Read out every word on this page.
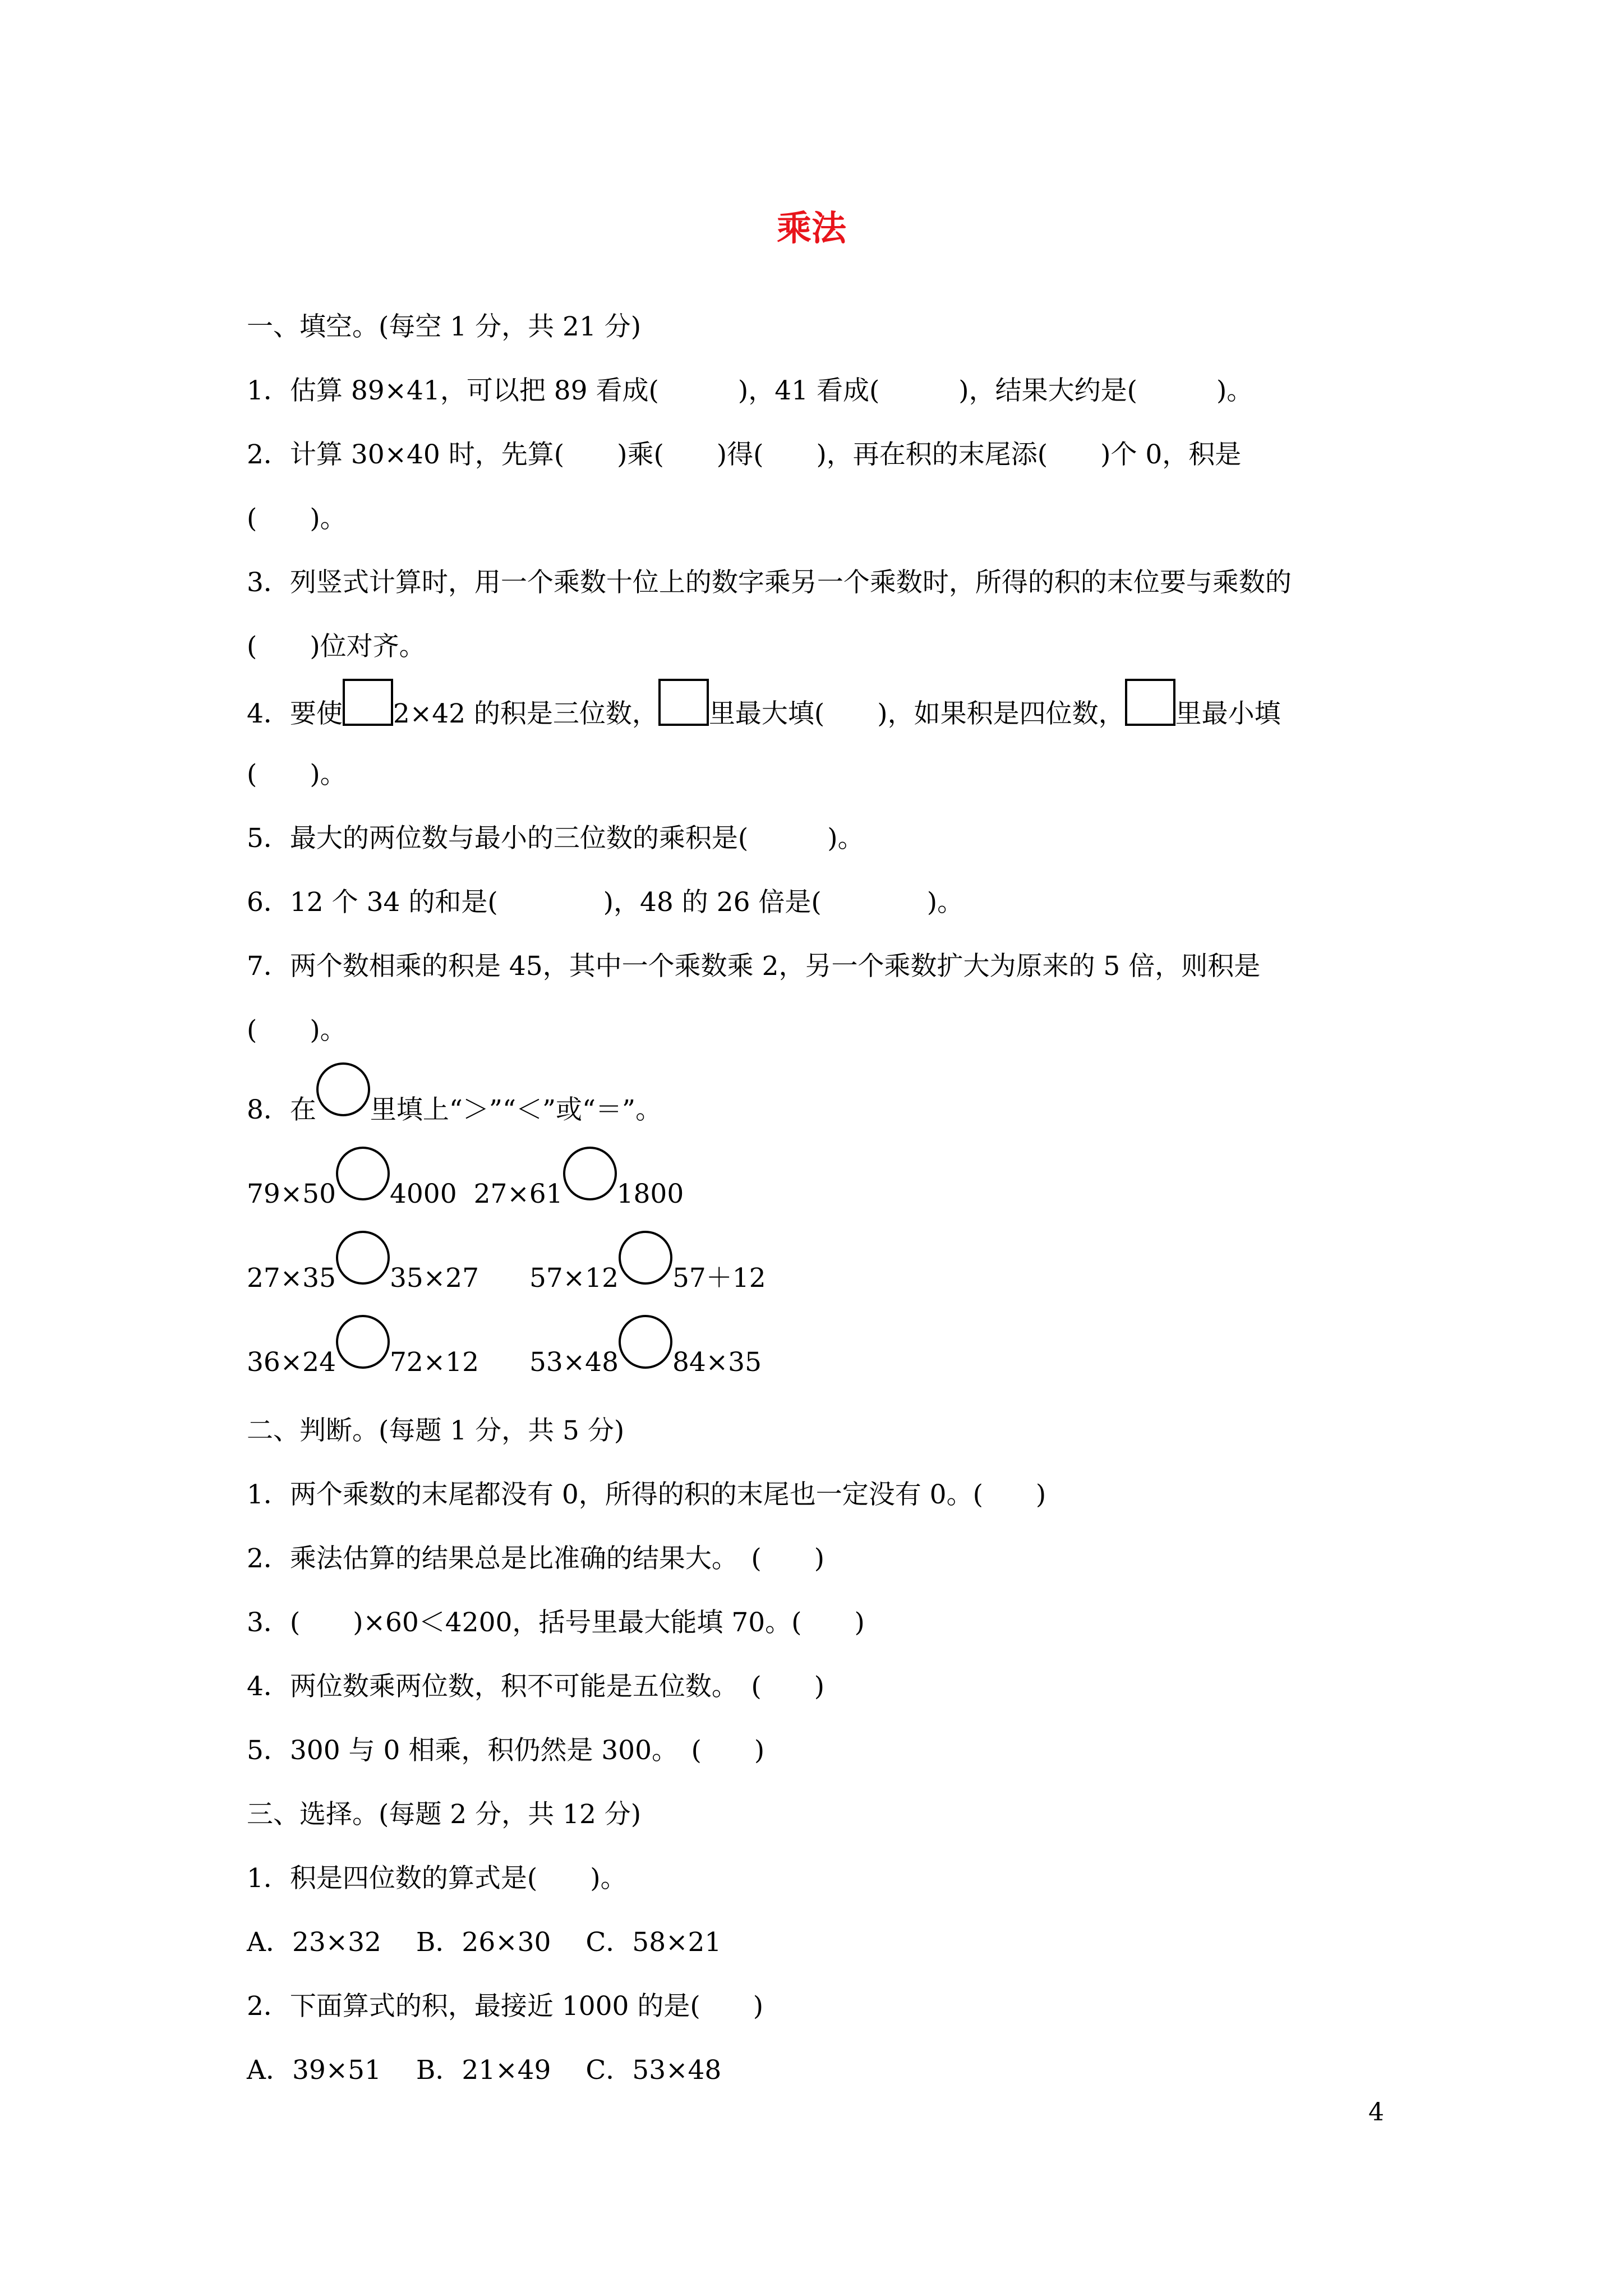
乘法
一、填空。(每空 1 分，共 21 分)
1．估算 89×41，可以把 89 看成(　　　)，41 看成(　　　)，结果大约是(　　　)。
2．计算 30×40 时，先算(　　)乘(　　)得(　　)，再在积的末尾添(　　)个 0，积是
(　　)。
3．列竖式计算时，用一个乘数十位上的数字乘另一个乘数时，所得的积的末位要与乘数的
(　　)位对齐。
4．要使 2×42 的积是三位数， 里最大填(　　)，如果积是四位数， 里最小填
(　　)。
5．最大的两位数与最小的三位数的乘积是(　　　)。
6．12 个 34 的和是(　　　　)，48 的 26 倍是(　　　　)。
7．两个数相乘的积是 45，其中一个乘数乘 2，另一个乘数扩大为原来的 5 倍，则积是
(　　)。
8．在 里填上“＞”“＜”或“＝”。
79×50 4000 27×61 1800
27×35 35×27 57×12 57＋12
36×24 72×12 53×48 84×35
二、判断。(每题 1 分，共 5 分)
1．两个乘数的末尾都没有 0，所得的积的末尾也一定没有 0。(　　)
2．乘法估算的结果总是比准确的结果大。　(　　)
3．(　　)×60＜4200，括号里最大能填 70。(　　)
4．两位数乘两位数，积不可能是五位数。　(　　)
5．300 与 0 相乘，积仍然是 300。　(　　)
三、选择。(每题 2 分，共 12 分)
1．积是四位数的算式是(　　)。
A．23×32　 B．26×30　 C．58×21
2．下面算式的积，最接近 1000 的是(　　)
A．39×51　 B．21×49　 C．53×48
4
